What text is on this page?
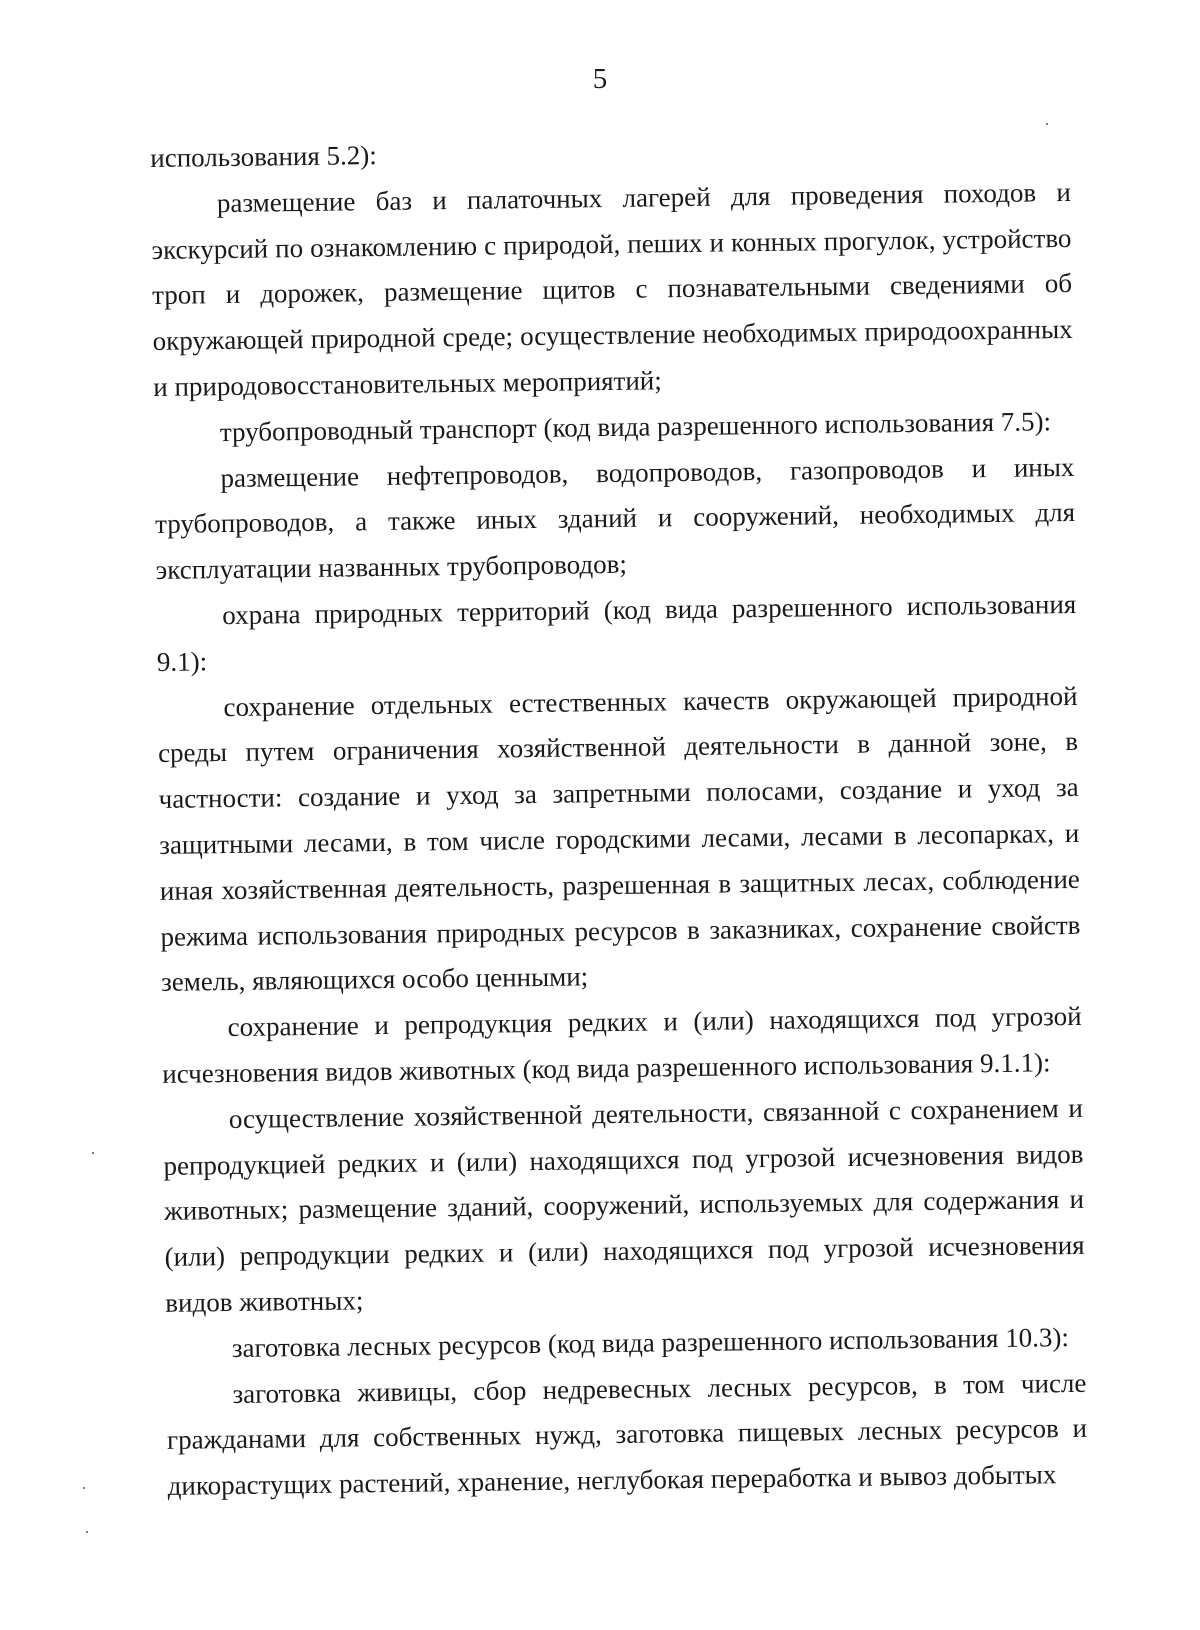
5

использования 5.2):

размещение баз и палаточных лагерей для проведения походов и экскурсий по ознакомлению с природой, пеших и конных прогулок, устройство троп и дорожек, размещение щитов с познавательными сведениями об окружающей природной среде; осуществление необходимых природоохранных и природовосстановительных мероприятий;

трубопроводный транспорт (код вида разрешенного использования 7.5):

размещение нефтепроводов, водопроводов, газопроводов и иных трубопроводов, а также иных зданий и сооружений, необходимых для эксплуатации названных трубопроводов;

охрана природных территорий (код вида разрешенного использования 9.1):

сохранение отдельных естественных качеств окружающей природной среды путем ограничения хозяйственной деятельности в данной зоне, в частности: создание и уход за запретными полосами, создание и уход за защитными лесами, в том числе городскими лесами, лесами в лесопарках, и иная хозяйственная деятельность, разрешенная в защитных лесах, соблюдение режима использования природных ресурсов в заказниках, сохранение свойств земель, являющихся особо ценными;

сохранение и репродукция редких и (или) находящихся под угрозой исчезновения видов животных (код вида разрешенного использования 9.1.1):

осуществление хозяйственной деятельности, связанной с сохранением и репродукцией редких и (или) находящихся под угрозой исчезновения видов животных; размещение зданий, сооружений, используемых для содержания и (или) репродукции редких и (или) находящихся под угрозой исчезновения видов животных;

заготовка лесных ресурсов (код вида разрешенного использования 10.3):

заготовка живицы, сбор недревесных лесных ресурсов, в том числе гражданами для собственных нужд, заготовка пищевых лесных ресурсов и дикорастущих растений, хранение, неглубокая переработка и вывоз добытых
